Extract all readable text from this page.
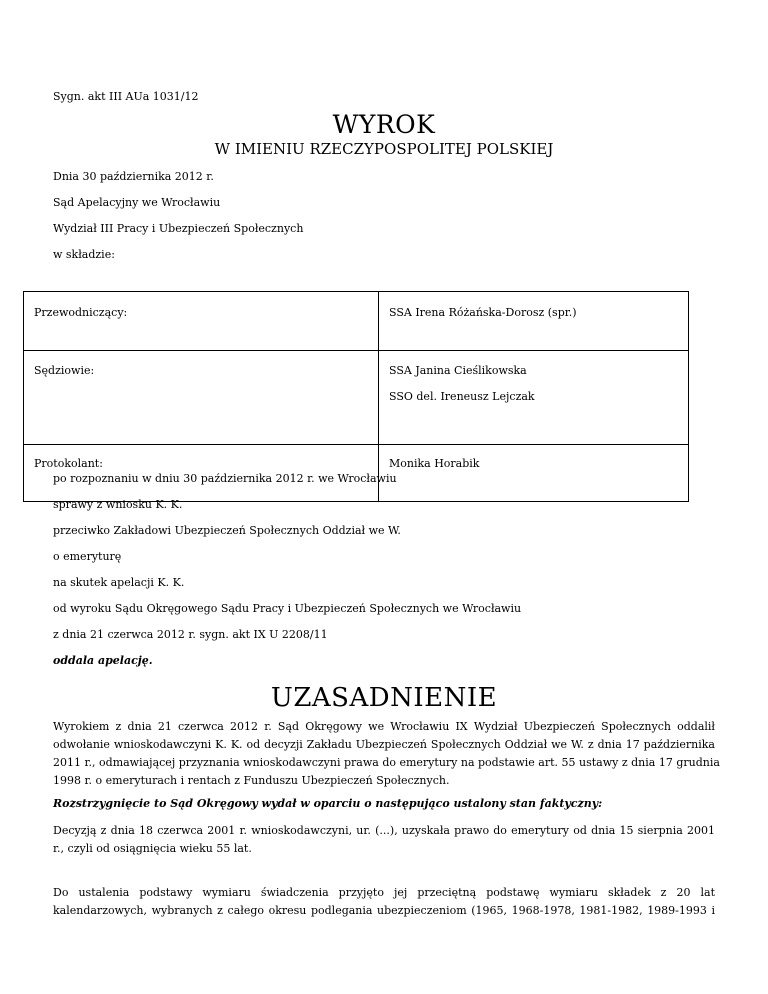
Sygn. akt III AUa 1031/12
WYROK
W IMIENIU RZECZYPOSPOLITEJ POLSKIEJ
Dnia 30 października 2012 r.
Sąd Apelacyjny we Wrocławiu
Wydział III Pracy i Ubezpieczeń Społecznych
w składzie:
Przewodniczący:	SSA Irena Różańska-Dorosz (spr.)

Sędziowie:	SSA Janina Cieślikowska
SSO del. Ireneusz Lejczak

Protokolant:	Monika Horabik
po rozpoznaniu w dniu 30 października 2012 r. we Wrocławiu
sprawy z wniosku K. K.
przeciwko Zakładowi Ubezpieczeń Społecznych Oddział we W.
o emeryturę
na skutek apelacji K. K.
od wyroku Sądu Okręgowego Sądu Pracy i Ubezpieczeń Społecznych we Wrocławiu
z dnia 21 czerwca 2012 r. sygn. akt IX U 2208/11
oddala apelację.
UZASADNIENIE
Wyrokiem z dnia 21 czerwca 2012 r. Sąd Okręgowy we Wrocławiu IX Wydział Ubezpieczeń Społecznych oddalił
odwołanie wnioskodawczyni K. K. od decyzji Zakładu Ubezpieczeń Społecznych Oddział we W. z dnia 17 października
2011 r., odmawiającej przyznania wnioskodawczyni prawa do emerytury na podstawie art. 55 ustawy z dnia 17 grudnia
1998 r. o emeryturach i rentach z Funduszu Ubezpieczeń Społecznych.
Rozstrzygnięcie to Sąd Okręgowy wydał w oparciu o następująco ustalony stan faktyczny:
Decyzją z dnia 18 czerwca 2001 r. wnioskodawczyni, ur. (...), uzyskała prawo do emerytury od dnia 15 sierpnia 2001
r., czyli od osiągnięcia wieku 55 lat.
Do ustalenia podstawy wymiaru świadczenia przyjęto jej przeciętną podstawę wymiaru składek z 20 lat
kalendarzowych, wybranych z całego okresu podlegania ubezpieczeniom (1965, 1968-1978, 1981-1982, 1989-1993 i
